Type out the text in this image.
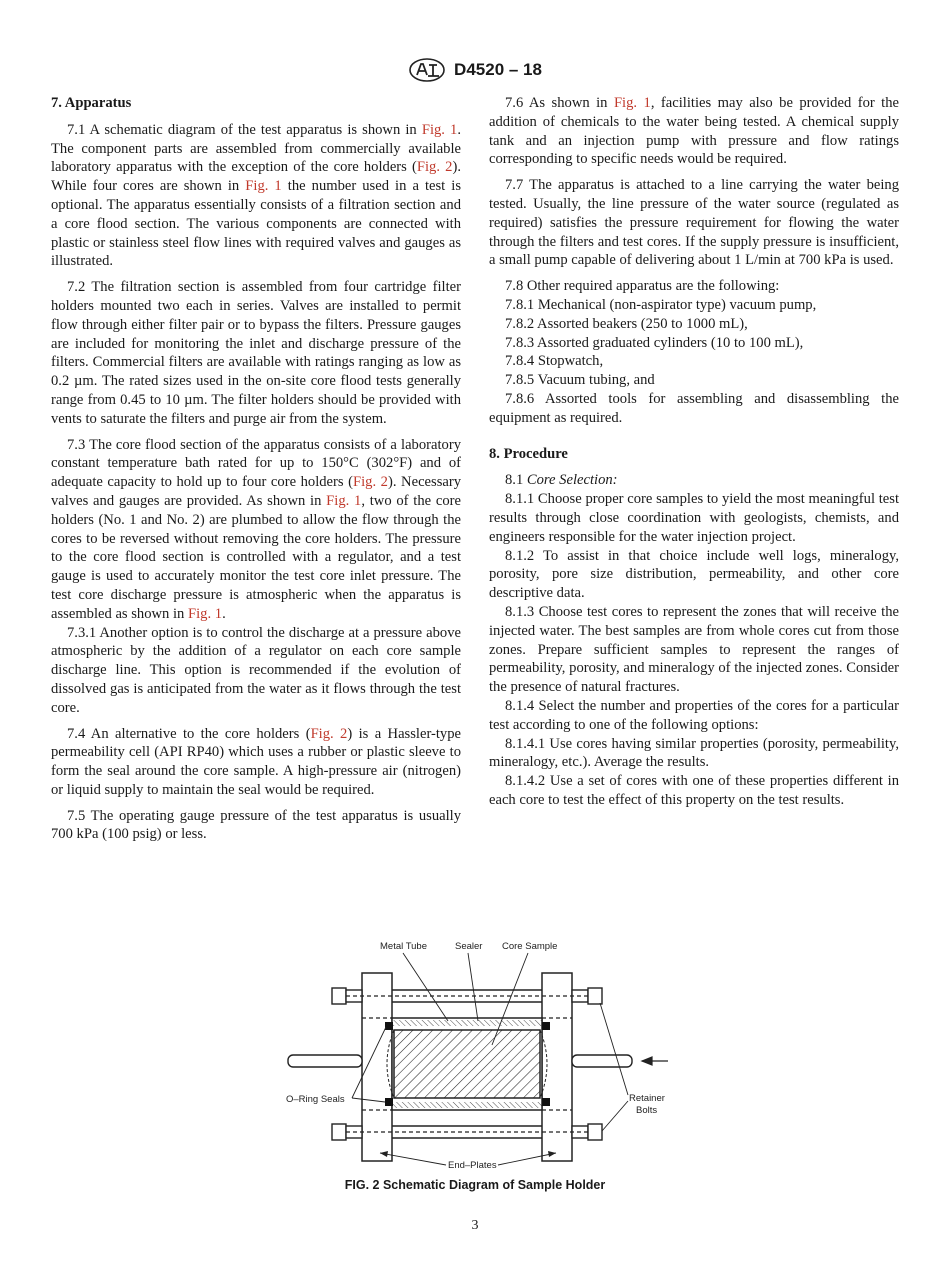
D4520 – 18
7. Apparatus

7.1 A schematic diagram of the test apparatus is shown in Fig. 1. The component parts are assembled from commercially available laboratory apparatus with the exception of the core holders (Fig. 2). While four cores are shown in Fig. 1 the number used in a test is optional. The apparatus essentially consists of a filtration section and a core flood section. The various components are connected with plastic or stainless steel flow lines with required valves and gauges as illustrated.

7.2 The filtration section is assembled from four cartridge filter holders mounted two each in series. Valves are installed to permit flow through either filter pair or to bypass the filters. Pressure gauges are included for monitoring the inlet and discharge pressure of the filters. Commercial filters are available with ratings ranging as low as 0.2 µm. The rated sizes used in the on-site core flood tests generally range from 0.45 to 10 µm. The filter holders should be provided with vents to saturate the filters and purge air from the system.

7.3 The core flood section of the apparatus consists of a laboratory constant temperature bath rated for up to 150°C (302°F) and of adequate capacity to hold up to four core holders (Fig. 2). Necessary valves and gauges are provided. As shown in Fig. 1, two of the core holders (No. 1 and No. 2) are plumbed to allow the flow through the cores to be reversed without removing the core holders. The pressure to the core flood section is controlled with a regulator, and a test gauge is used to accurately monitor the test core inlet pressure. The test core discharge pressure is atmospheric when the apparatus is assembled as shown in Fig. 1.

7.3.1 Another option is to control the discharge at a pressure above atmospheric by the addition of a regulator on each core sample discharge line. This option is recommended if the evolution of dissolved gas is anticipated from the water as it flows through the test core.

7.4 An alternative to the core holders (Fig. 2) is a Hassler-type permeability cell (API RP40) which uses a rubber or plastic sleeve to form the seal around the core sample. A high-pressure air (nitrogen) or liquid supply to maintain the seal would be required.

7.5 The operating gauge pressure of the test apparatus is usually 700 kPa (100 psig) or less.

7.6 As shown in Fig. 1, facilities may also be provided for the addition of chemicals to the water being tested. A chemical supply tank and an injection pump with pressure and flow ratings corresponding to specific needs would be required.

7.7 The apparatus is attached to a line carrying the water being tested. Usually, the line pressure of the water source (regulated as required) satisfies the pressure requirement for flowing the water through the filters and test cores. If the supply pressure is insufficient, a small pump capable of delivering about 1 L/min at 700 kPa is used.

7.8 Other required apparatus are the following:

7.8.1 Mechanical (non-aspirator type) vacuum pump,

7.8.2 Assorted beakers (250 to 1000 mL),

7.8.3 Assorted graduated cylinders (10 to 100 mL),

7.8.4 Stopwatch,

7.8.5 Vacuum tubing, and

7.8.6 Assorted tools for assembling and disassembling the equipment as required.

8. Procedure

8.1 Core Selection:

8.1.1 Choose proper core samples to yield the most meaningful test results through close coordination with geologists, chemists, and engineers responsible for the water injection project.

8.1.2 To assist in that choice include well logs, mineralogy, porosity, pore size distribution, permeability, and other core descriptive data.

8.1.3 Choose test cores to represent the zones that will receive the injected water. The best samples are from whole cores cut from those zones. Prepare sufficient samples to represent the ranges of permeability, porosity, and mineralogy of the injected zones. Consider the presence of natural fractures.

8.1.4 Select the number and properties of the cores for a particular test according to one of the following options:

8.1.4.1 Use cores having similar properties (porosity, permeability, mineralogy, etc.). Average the results.

8.1.4.2 Use a set of cores with one of these properties different in each core to test the effect of this property on the test results.

Metal Tube	Sealer Core Sample
O–Ring Seals	Retainer
Bolts
End–Plates
FIG. 2 Schematic Diagram of Sample Holder
3
